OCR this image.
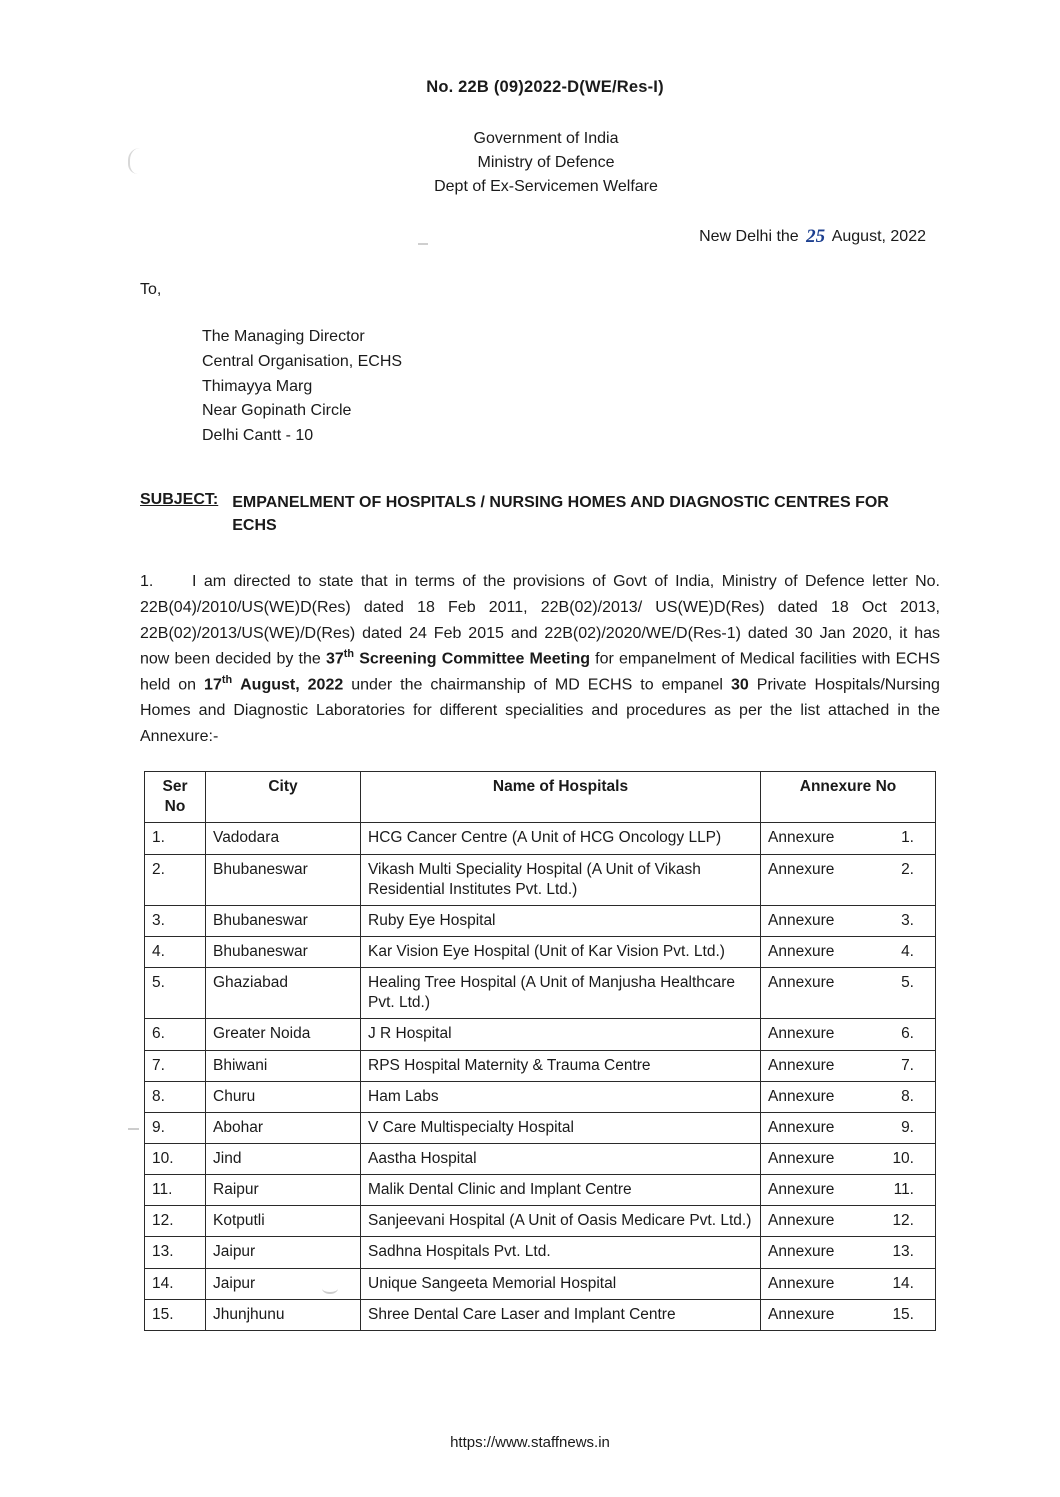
No. 22B (09)2022-D(WE/Res-I)
Government of India
Ministry of Defence
Dept of Ex-Servicemen Welfare
New Delhi the 25 August, 2022
To,
The Managing Director
Central Organisation, ECHS
Thimayya Marg
Near Gopinath Circle
Delhi Cantt - 10
SUBJECT: EMPANELMENT OF HOSPITALS / NURSING HOMES AND DIAGNOSTIC CENTRES FOR ECHS
1. I am directed to state that in terms of the provisions of Govt of India, Ministry of Defence letter No. 22B(04)/2010/US(WE)D(Res) dated 18 Feb 2011, 22B(02)/2013/ US(WE)D(Res) dated 18 Oct 2013, 22B(02)/2013/US(WE)/D(Res) dated 24 Feb 2015 and 22B(02)/2020/WE/D(Res-1) dated 30 Jan 2020, it has now been decided by the 37th Screening Committee Meeting for empanelment of Medical facilities with ECHS held on 17th August, 2022 under the chairmanship of MD ECHS to empanel 30 Private Hospitals/Nursing Homes and Diagnostic Laboratories for different specialities and procedures as per the list attached in the Annexure:-
Ser No	City	Name of Hospitals	Annexure No
1.	Vadodara	HCG Cancer Centre (A Unit of HCG Oncology LLP)	Annexure 1.

2.	Bhubaneswar	Vikash Multi Speciality Hospital (A Unit of Vikash Residential Institutes Pvt. Ltd.)	Annexure 2.

3.	Bhubaneswar	Ruby Eye Hospital	Annexure 3.

4.	Bhubaneswar	Kar Vision Eye Hospital (Unit of Kar Vision Pvt. Ltd.)	Annexure 4.

5.	Ghaziabad	Healing Tree Hospital (A Unit of Manjusha Healthcare Pvt. Ltd.)	Annexure 5.

6.	Greater Noida	J R Hospital	Annexure 6.

7.	Bhiwani	RPS Hospital Maternity & Trauma Centre	Annexure 7.

8.	Churu	Ham Labs	Annexure 8.

9.	Abohar	V Care Multispecialty Hospital	Annexure 9.

10.	Jind	Aastha Hospital	Annexure 10.

11.	Raipur	Malik Dental Clinic and Implant Centre	Annexure 11.

12.	Kotputli	Sanjeevani Hospital (A Unit of Oasis Medicare Pvt. Ltd.)	Annexure 12.

13.	Jaipur	Sadhna Hospitals Pvt. Ltd.	Annexure 13.

14.	Jaipur	Unique Sangeeta Memorial Hospital	Annexure 14.

15.	Jhunjhunu	Shree Dental Care Laser and Implant Centre	Annexure 15.
https://www.staffnews.in
